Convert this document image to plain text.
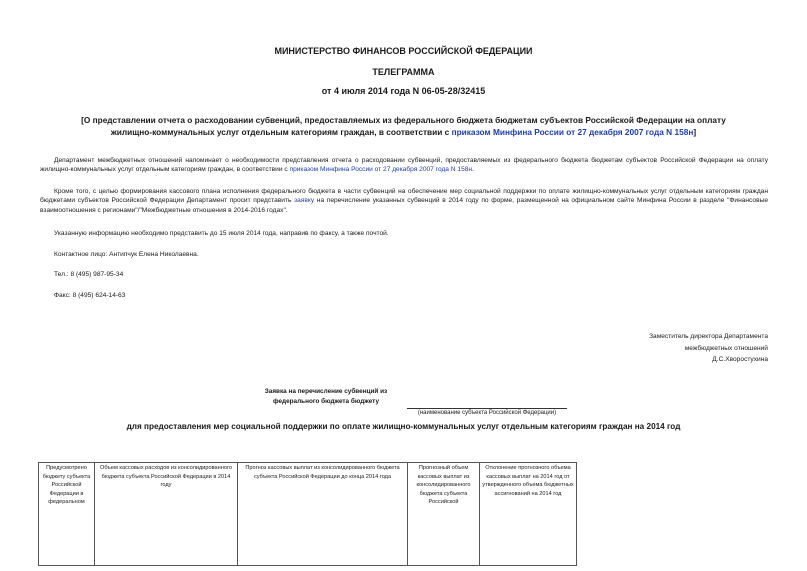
МИНИСТЕРСТВО ФИНАНСОВ РОССИЙСКОЙ ФЕДЕРАЦИИ
ТЕЛЕГРАММА
от 4 июля 2014 года N 06-05-28/32415
[О представлении отчета о расходовании субвенций, предоставляемых из федерального бюджета бюджетам субъектов Российской Федерации на оплату
жилищно-коммунальных услуг отдельным категориям граждан, в соответствии с приказом Минфина России от 27 декабря 2007 года N 158н]
Департамент межбюджетных отношений напоминает о необходимости представления отчета о расходовании субвенций, предоставляемых из федерального бюджета бюджетам субъектов Российской Федерации на оплату жилищно-коммунальных услуг отдельным категориям граждан, в соответствии с приказом Минфина России от 27 декабря 2007 года N 158н.
Кроме того, с целью формирования кассового плана исполнения федерального бюджета в части субвенций на обеспечение мер социальной поддержки по оплате жилищно-коммунальных услуг отдельным категориям граждан бюджетами субъектов Российской Федерации Департамент просит представить заявку на перечисление указанных субвенций в 2014 году по форме, размещенной на официальном сайте Минфина России в разделе "Финансовые взаимоотношения с регионами"/"Межбюджетные отношения в 2014-2016 годах".
Указанную информацию необходимо представить до 15 июля 2014 года, направив по факсу, а также почтой.
Контактное лицо: Антипчук Елена Николаевна.
Тел.: 8 (495) 987-95-34
Факс: 8 (495) 624-14-63
Заместитель директора Департамента
межбюджетных отношений
Д.С.Хворостухина
Заявка на перечисление субвенций из
федерального бюджета бюджету
(наименование субъекта Российской Федерации)
для предоставления мер социальной поддержки по оплате жилищно-коммунальных услуг отдельным категориям граждан на 2014 год
Предусмотрено бюджету субъекта Российской Федерации в федеральном	Объем кассовых расходов из консолидированного бюджета субъекта Российской Федерации в 2014 году	Прогноз кассовых выплат из консолидированного бюджета субъекта Российской Федерации до конца 2014 года	Прогнозный объем кассовых выплат из консолидированного бюджета субъекта Российской	Отклонение прогнозного объема кассовых выплат на 2014 год от утвержденного объема бюджетных ассигнований на 2014 год
